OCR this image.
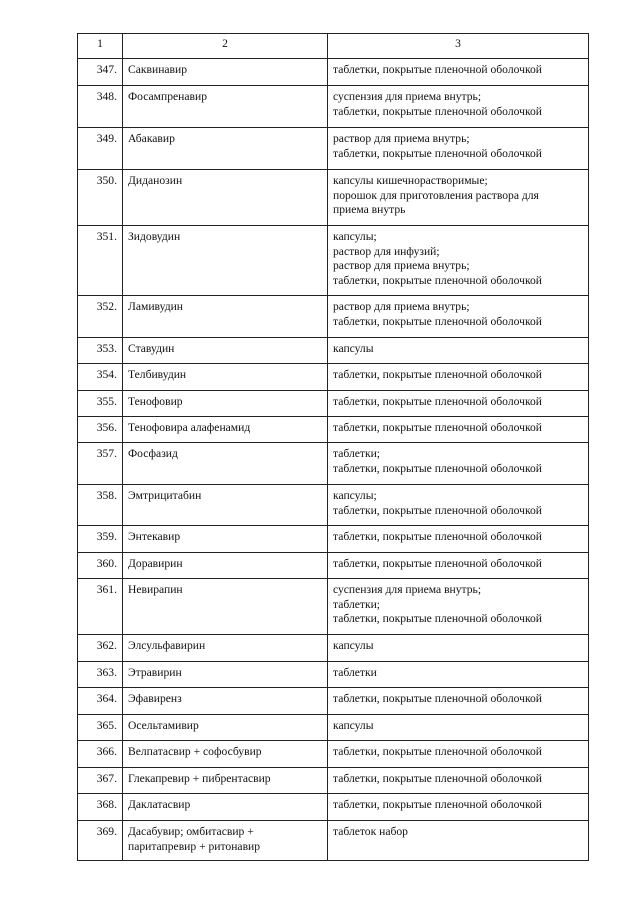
1	2	3
347.	Саквинавир	таблетки, покрытые пленочной оболочкой

348.	Фосампренавир	суспензия для приема внутрь;
таблетки, покрытые пленочной оболочкой

349.	Абакавир	раствор для приема внутрь;
таблетки, покрытые пленочной оболочкой

350.	Диданозин	капсулы кишечнорастворимые;
порошок для приготовления раствора для
приема внутрь

351.	Зидовудин	капсулы;
раствор для инфузий;
раствор для приема внутрь;
таблетки, покрытые пленочной оболочкой

352.	Ламивудин	раствор для приема внутрь;
таблетки, покрытые пленочной оболочкой

353.	Ставудин	капсулы

354.	Телбивудин	таблетки, покрытые пленочной оболочкой

355.	Тенофовир	таблетки, покрытые пленочной оболочкой

356.	Тенофовира алафенамид	таблетки, покрытые пленочной оболочкой

357.	Фосфазид	таблетки;
таблетки, покрытые пленочной оболочкой

358.	Эмтрицитабин	капсулы;
таблетки, покрытые пленочной оболочкой

359.	Энтекавир	таблетки, покрытые пленочной оболочкой

360.	Доравирин	таблетки, покрытые пленочной оболочкой

361.	Невирапин	суспензия для приема внутрь;
таблетки;
таблетки, покрытые пленочной оболочкой

362.	Элсульфавирин	капсулы

363.	Этравирин	таблетки

364.	Эфавиренз	таблетки, покрытые пленочной оболочкой

365.	Осельтамивир	капсулы

366.	Велпатасвир + софосбувир	таблетки, покрытые пленочной оболочкой

367.	Глекапревир + пибрентасвир	таблетки, покрытые пленочной оболочкой

368.	Даклатасвир	таблетки, покрытые пленочной оболочкой

369.	Дасабувир; омбитасвир + паритапревир + ритонавир	таблеток набор
